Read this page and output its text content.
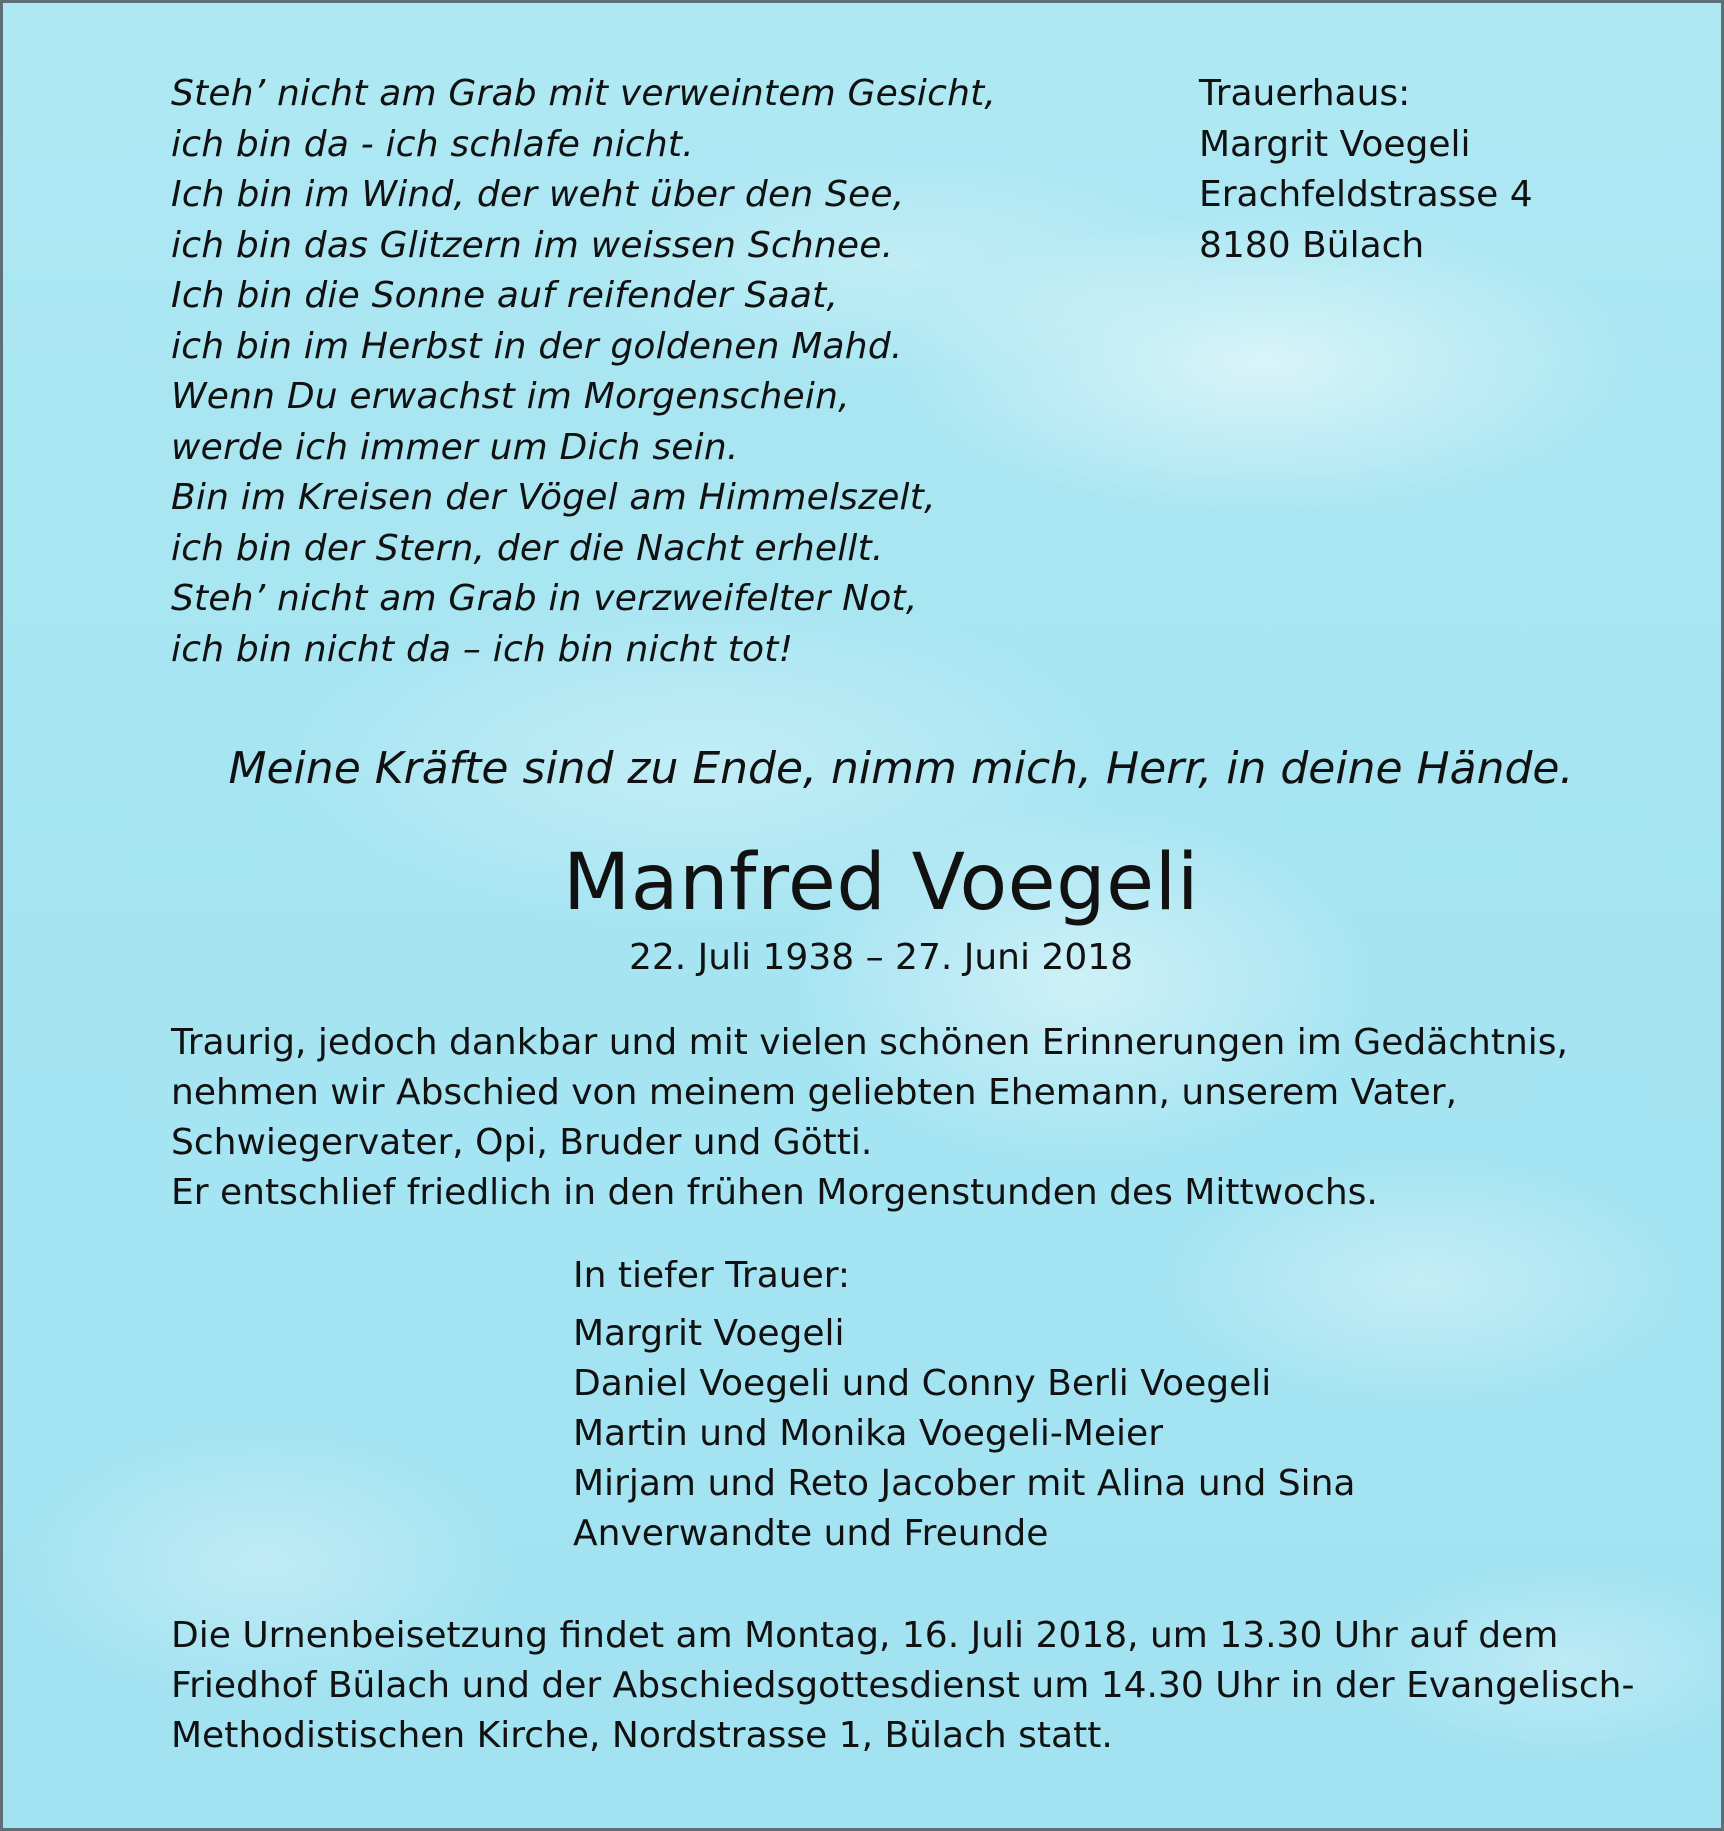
Steh’ nicht am Grab mit verweintem Gesicht,
ich bin da - ich schlafe nicht.
Ich bin im Wind, der weht über den See,
ich bin das Glitzern im weissen Schnee.
Ich bin die Sonne auf reifender Saat,
ich bin im Herbst in der goldenen Mahd.
Wenn Du erwachst im Morgenschein,
werde ich immer um Dich sein.
Bin im Kreisen der Vögel am Himmelszelt,
ich bin der Stern, der die Nacht erhellt.
Steh’ nicht am Grab in verzweifelter Not,
ich bin nicht da – ich bin nicht tot!
Trauerhaus:
Margrit Voegeli
Erachfeldstrasse 4
8180 Bülach
Meine Kräfte sind zu Ende, nimm mich, Herr, in deine Hände.
Manfred Voegeli
22. Juli 1938 – 27. Juni 2018
Traurig, jedoch dankbar und mit vielen schönen Erinnerungen im Gedächtnis,
nehmen wir Abschied von meinem geliebten Ehemann, unserem Vater,
Schwiegervater, Opi, Bruder und Götti.
Er entschlief friedlich in den frühen Morgenstunden des Mittwochs.
In tiefer Trauer:
Margrit Voegeli
Daniel Voegeli und Conny Berli Voegeli
Martin und Monika Voegeli-Meier
Mirjam und Reto Jacober mit Alina und Sina
Anverwandte und Freunde
Die Urnenbeisetzung findet am Montag, 16. Juli 2018, um 13.30 Uhr auf dem
Friedhof Bülach und der Abschiedsgottesdienst um 14.30 Uhr in der Evangelisch-
Methodistischen Kirche, Nordstrasse 1, Bülach statt.
